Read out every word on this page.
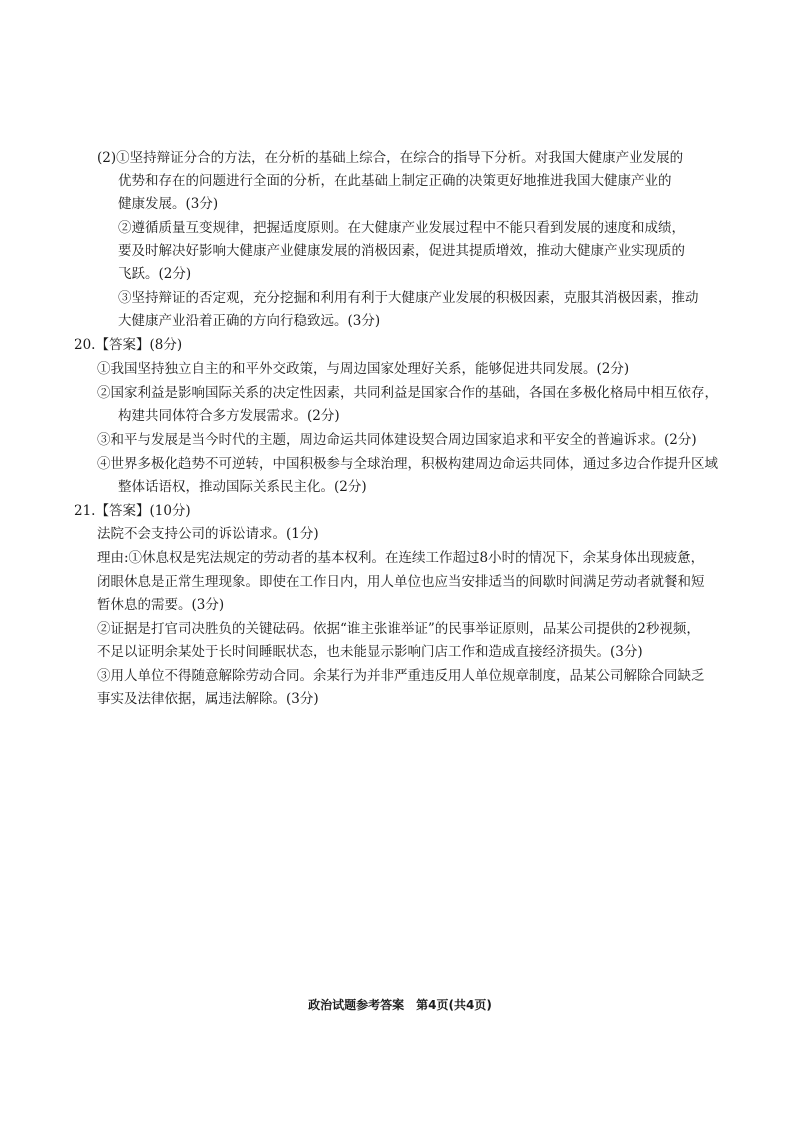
(2)①坚持辩证分合的方法，在分析的基础上综合，在综合的指导下分析。对我国大健康产业发展的
优势和存在的问题进行全面的分析，在此基础上制定正确的决策更好地推进我国大健康产业的
健康发展。(3分)
②遵循质量互变规律，把握适度原则。在大健康产业发展过程中不能只看到发展的速度和成绩，
要及时解决好影响大健康产业健康发展的消极因素，促进其提质增效，推动大健康产业实现质的
飞跃。(2分)
③坚持辩证的否定观，充分挖掘和利用有利于大健康产业发展的积极因素，克服其消极因素，推动
大健康产业沿着正确的方向行稳致远。(3分)
20.【答案】(8分)
①我国坚持独立自主的和平外交政策，与周边国家处理好关系，能够促进共同发展。(2分)
②国家利益是影响国际关系的决定性因素，共同利益是国家合作的基础，各国在多极化格局中相互依存，
构建共同体符合多方发展需求。(2分)
③和平与发展是当今时代的主题，周边命运共同体建设契合周边国家追求和平安全的普遍诉求。(2分)
④世界多极化趋势不可逆转，中国积极参与全球治理，积极构建周边命运共同体，通过多边合作提升区域
整体话语权，推动国际关系民主化。(2分)
21.【答案】(10分)
法院不会支持公司的诉讼请求。(1分)
理由:①休息权是宪法规定的劳动者的基本权利。在连续工作超过8小时的情况下，余某身体出现疲惫，
闭眼休息是正常生理现象。即使在工作日内，用人单位也应当安排适当的间歇时间满足劳动者就餐和短
暂休息的需要。(3分)
②证据是打官司决胜负的关键砝码。依据“谁主张谁举证”的民事举证原则，品某公司提供的2秒视频，
不足以证明余某处于长时间睡眠状态，也未能显示影响门店工作和造成直接经济损失。(3分)
③用人单位不得随意解除劳动合同。余某行为并非严重违反用人单位规章制度，品某公司解除合同缺乏
事实及法律依据，属违法解除。(3分)
政治试题参考答案　第4页(共4页)
